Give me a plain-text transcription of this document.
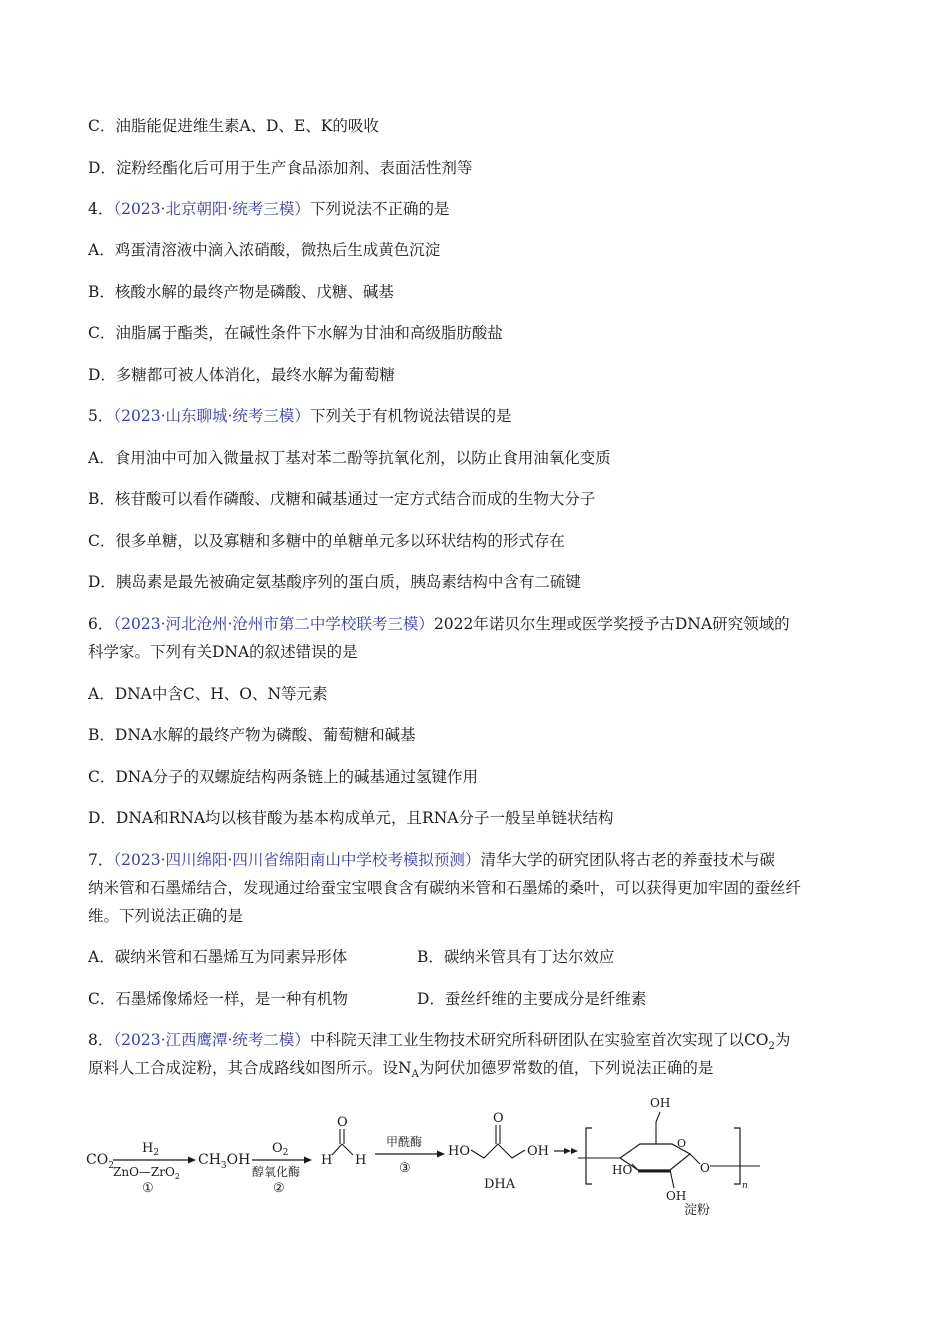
C．油脂能促进维生素A、D、E、K的吸收
D．淀粉经酯化后可用于生产食品添加剂、表面活性剂等
4．（2023·北京朝阳·统考三模）下列说法不正确的是
A．鸡蛋清溶液中滴入浓硝酸，微热后生成黄色沉淀
B．核酸水解的最终产物是磷酸、戊糖、碱基
C．油脂属于酯类，在碱性条件下水解为甘油和高级脂肪酸盐
D．多糖都可被人体消化，最终水解为葡萄糖
5．（2023·山东聊城·统考三模）下列关于有机物说法错误的是
A．食用油中可加入微量叔丁基对苯二酚等抗氧化剂，以防止食用油氧化变质
B．核苷酸可以看作磷酸、戊糖和碱基通过一定方式结合而成的生物大分子
C．很多单糖，以及寡糖和多糖中的单糖单元多以环状结构的形式存在
D．胰岛素是最先被确定氨基酸序列的蛋白质，胰岛素结构中含有二硫键
6．（2023·河北沧州·沧州市第二中学校联考三模）2022年诺贝尔生理或医学奖授予古DNA研究领域的
科学家。下列有关DNA的叙述错误的是
A．DNA中含C、H、O、N等元素
B．DNA水解的最终产物为磷酸、葡萄糖和碱基
C．DNA分子的双螺旋结构两条链上的碱基通过氢键作用
D．DNA和RNA均以核苷酸为基本构成单元，且RNA分子一般呈单链状结构
7．（2023·四川绵阳·四川省绵阳南山中学校考模拟预测）清华大学的研究团队将古老的养蚕技术与碳
纳米管和石墨烯结合，发现通过给蚕宝宝喂食含有碳纳米管和石墨烯的桑叶，可以获得更加牢固的蚕丝纤
维。下列说法正确的是
A．碳纳米管和石墨烯互为同素异形体	B．碳纳米管具有丁达尔效应
C．石墨烯像烯烃一样，是一种有机物	D．蚕丝纤维的主要成分是纤维素
8．（2023·江西鹰潭·统考二模）中科院天津工业生物技术研究所科研团队在实验室首次实现了以$CO_2$为
原料人工合成淀粉，其合成路线如图所示。设$N_A$为阿伏加德罗常数的值，下列说法正确的是
$CO_2$
$H_2$
ZnO—ZrO$_2$
①
$CH_3OH$
$O_2$
醇氧化酶
②
H
O
H
甲酰酶
③
HO
O
OH
DHA	n
O
OH
HO
OH
O
淀粉
